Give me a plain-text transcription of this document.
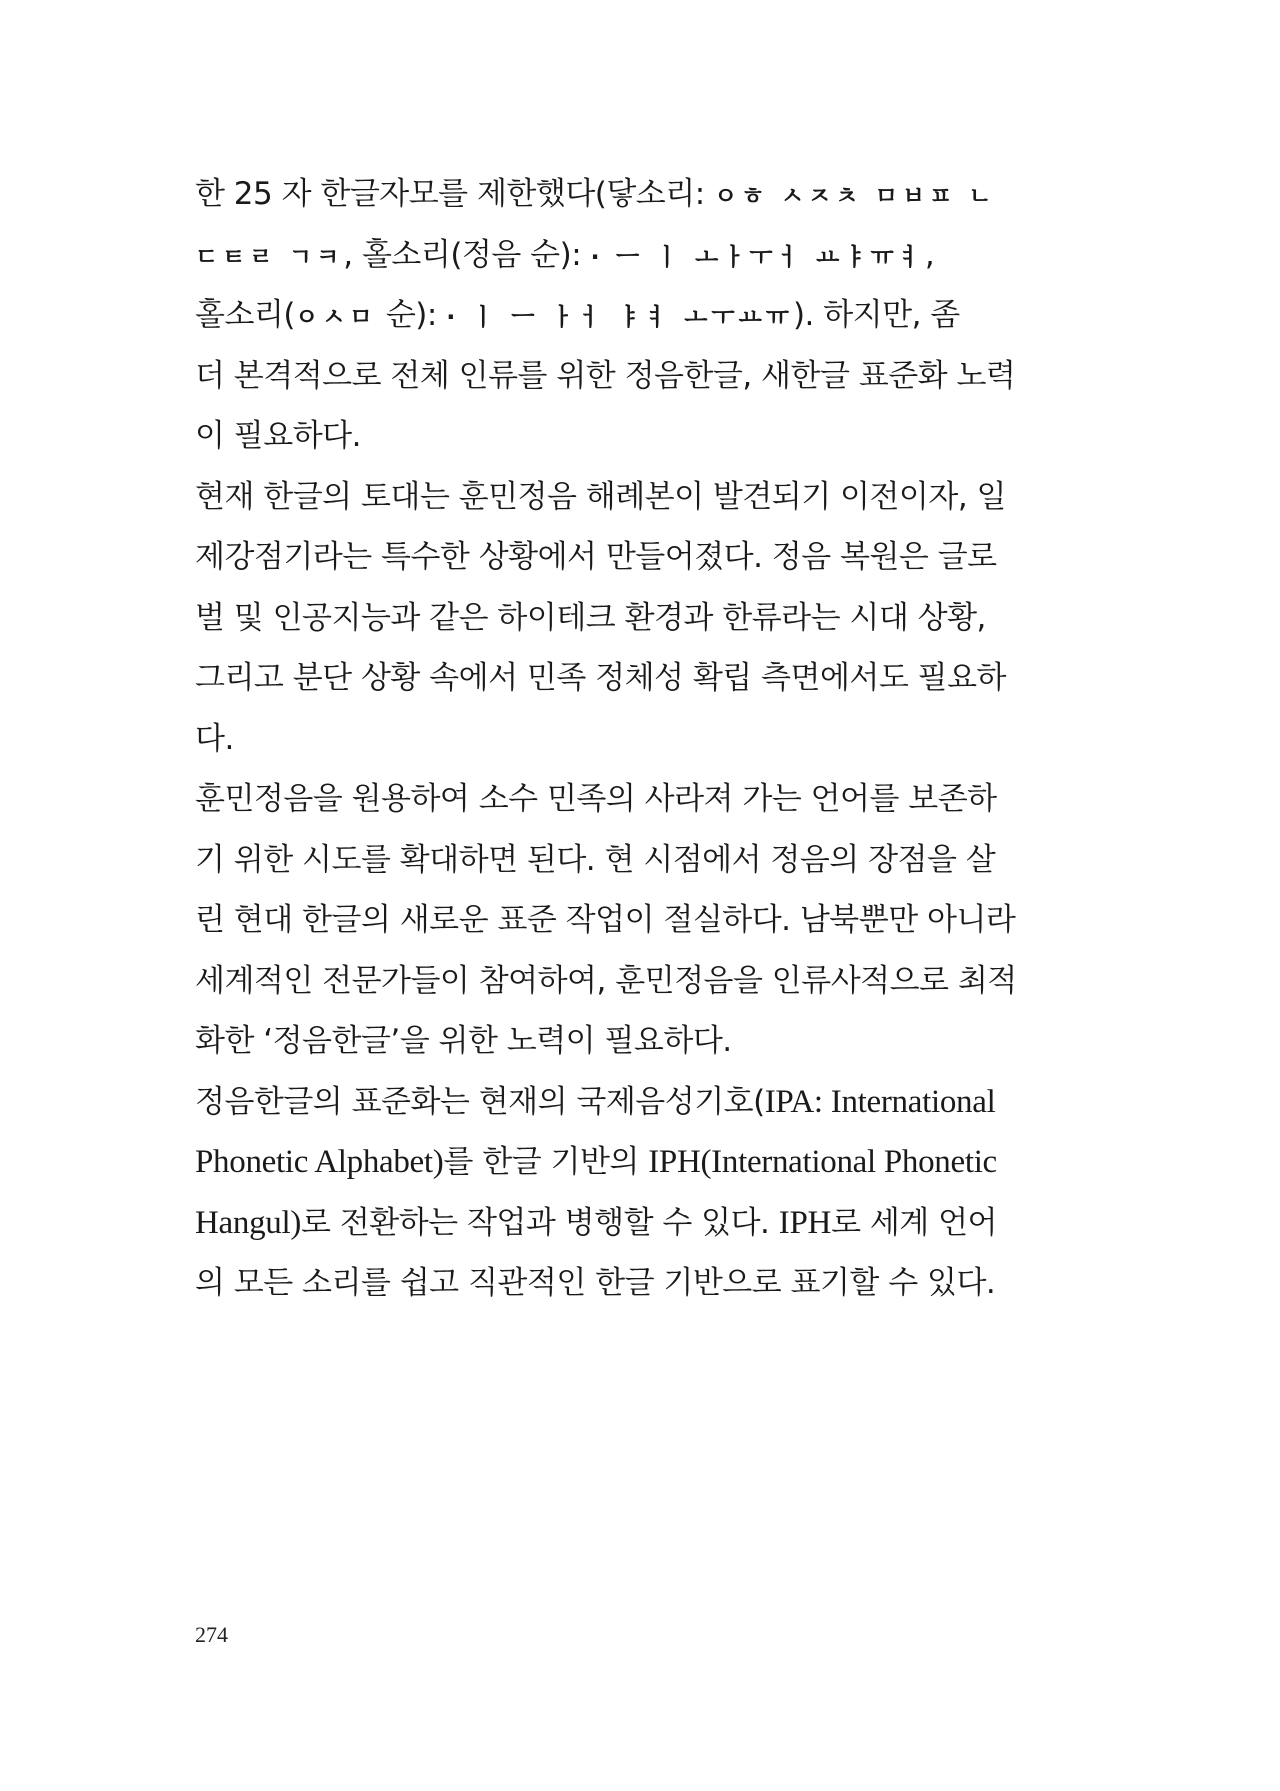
한 25 자 한글자모를 제한했다(닿소리: ㅇㅎ ㅅㅈㅊ ㅁㅂㅍ ㄴ
ㄷㅌㄹ ㄱㅋ, 홀소리(정음 순): · ㅡ ㅣ ㅗㅏㅜㅓ ㅛㅑㅠㅕ,
홀소리(ㅇㅅㅁ 순): · ㅣ ㅡ ㅏㅓ ㅑㅕ ㅗㅜㅛㅠ). 하지만, 좀
더 본격적으로 전체 인류를 위한 정음한글, 새한글 표준화 노력
이 필요하다.
현재 한글의 토대는 훈민정음 해례본이 발견되기 이전이자, 일
제강점기라는 특수한 상황에서 만들어졌다. 정음 복원은 글로
벌 및 인공지능과 같은 하이테크 환경과 한류라는 시대 상황,
그리고 분단 상황 속에서 민족 정체성 확립 측면에서도 필요하
다.
훈민정음을 원용하여 소수 민족의 사라져 가는 언어를 보존하
기 위한 시도를 확대하면 된다. 현 시점에서 정음의 장점을 살
린 현대 한글의 새로운 표준 작업이 절실하다. 남북뿐만 아니라
세계적인 전문가들이 참여하여, 훈민정음을 인류사적으로 최적
화한 ‘정음한글’을 위한 노력이 필요하다.
정음한글의 표준화는 현재의 국제음성기호(IPA: International
Phonetic Alphabet)를 한글 기반의 IPH(International Phonetic
Hangul)로 전환하는 작업과 병행할 수 있다. IPH로 세계 언어
의 모든 소리를 쉽고 직관적인 한글 기반으로 표기할 수 있다.
274
